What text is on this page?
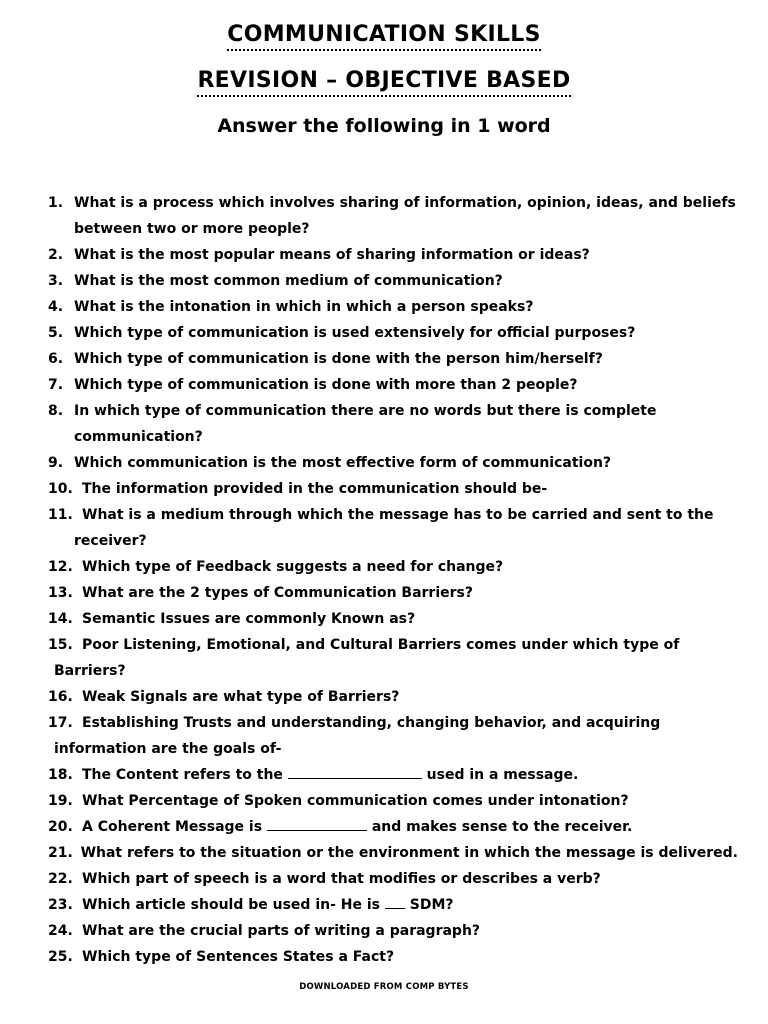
COMMUNICATION SKILLS
REVISION – OBJECTIVE BASED
Answer the following in 1 word
1. What is a process which involves sharing of information, opinion, ideas, and beliefs
between two or more people?
2. What is the most popular means of sharing information or ideas?
3. What is the most common medium of communication?
4. What is the intonation in which in which a person speaks?
5. Which type of communication is used extensively for official purposes?
6. Which type of communication is done with the person him/herself?
7. Which type of communication is done with more than 2 people?
8. In which type of communication there are no words but there is complete
communication?
9. Which communication is the most effective form of communication?
10. The information provided in the communication should be-
11. What is a medium through which the message has to be carried and sent to the
receiver?
12. Which type of Feedback suggests a need for change?
13. What are the 2 types of Communication Barriers?
14. Semantic Issues are commonly Known as?
15. Poor Listening, Emotional, and Cultural Barriers comes under which type of
Barriers?
16. Weak Signals are what type of Barriers?
17. Establishing Trusts and understanding, changing behavior, and acquiring
information are the goals of-
18. The Content refers to the	used in a message.
19. What Percentage of Spoken communication comes under intonation?
20. A Coherent Message is	and makes sense to the receiver.
21. What refers to the situation or the environment in which the message is delivered.
22. Which part of speech is a word that modifies or describes a verb?
23. Which article should be used in- He is SDM?
24. What are the crucial parts of writing a paragraph?
25. Which type of Sentences States a Fact?
DOWNLOADED FROM COMP BYTES
